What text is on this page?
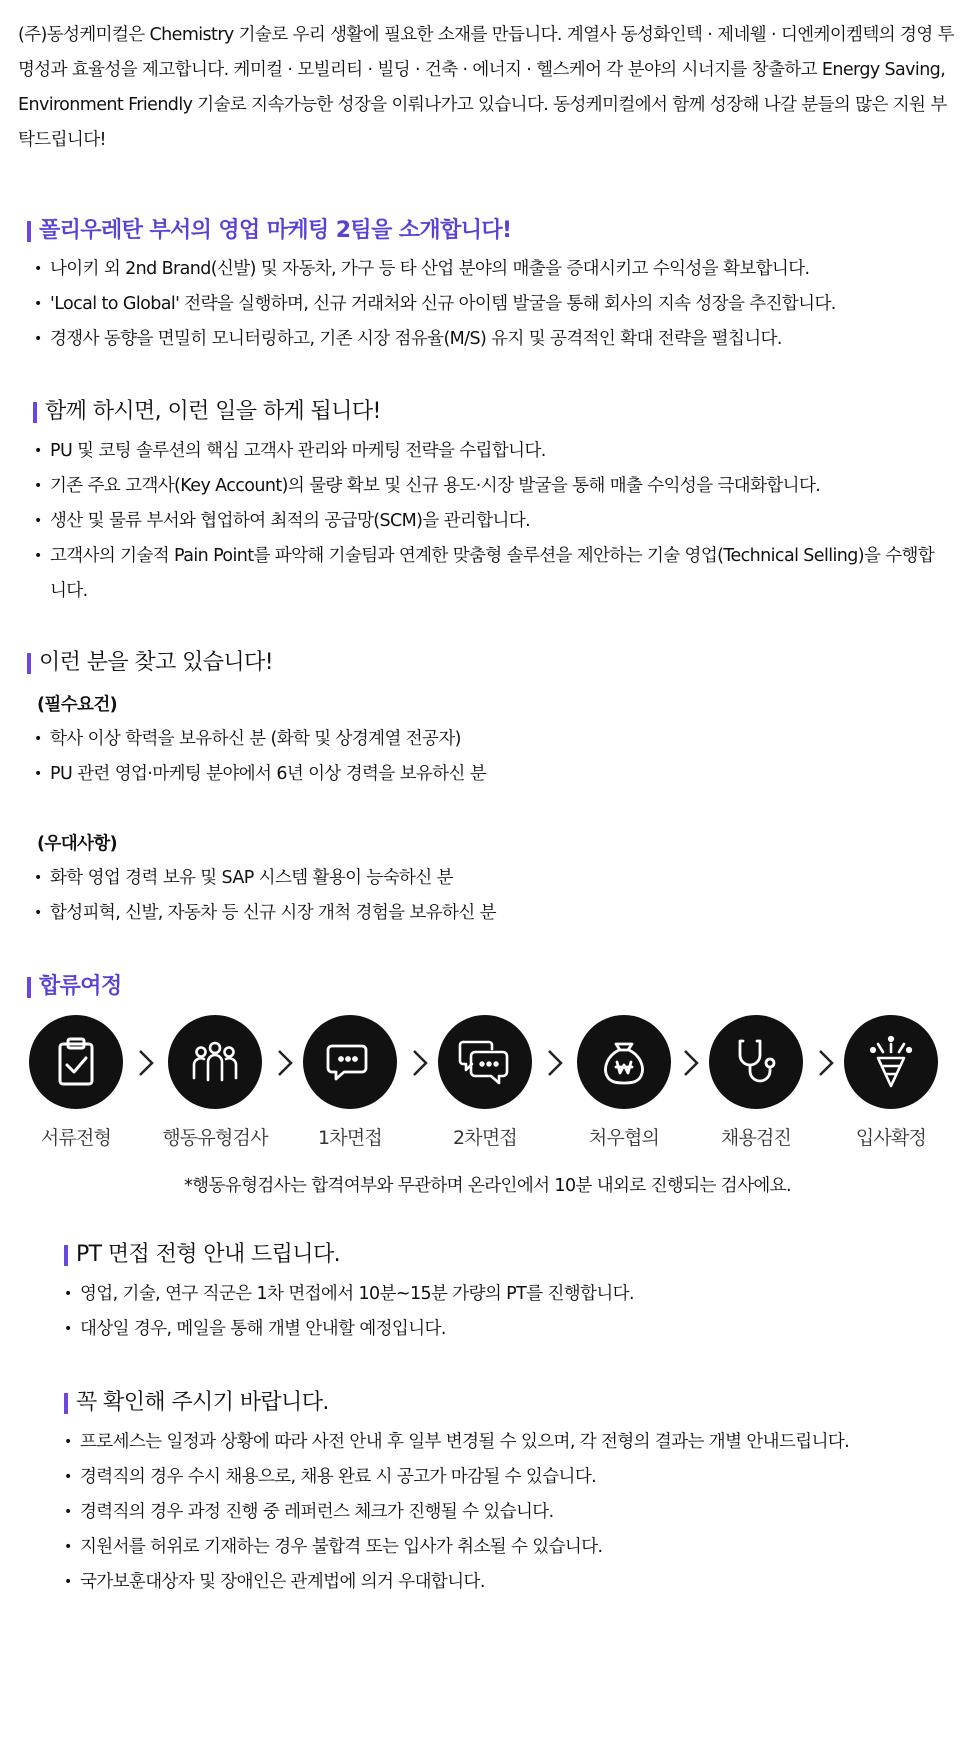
(주)동성케미컬은 Chemistry 기술로 우리 생활에 필요한 소재를 만듭니다. 계열사 동성화인텍 · 제네웰 · 디엔케이켐텍의 경영 투명성과 효율성을 제고합니다. 케미컬 · 모빌리티 · 빌딩 · 건축 · 에너지 · 헬스케어 각 분야의 시너지를 창출하고 Energy Saving, Environment Friendly 기술로 지속가능한 성장을 이뤄나가고 있습니다. 동성케미컬에서 함께 성장해 나갈 분들의 많은 지원 부탁드립니다!

폴리우레탄 부서의 영업 마케팅 2팀을 소개합니다!
• 나이키 외 2nd Brand(신발) 및 자동차, 가구 등 타 산업 분야의 매출을 증대시키고 수익성을 확보합니다.
• 'Local to Global' 전략을 실행하며, 신규 거래처와 신규 아이템 발굴을 통해 회사의 지속 성장을 추진합니다.
• 경쟁사 동향을 면밀히 모니터링하고, 기존 시장 점유율(M/S) 유지 및 공격적인 확대 전략을 펼칩니다.
함께 하시면, 이런 일을 하게 됩니다!
• PU 및 코팅 솔루션의 핵심 고객사 관리와 마케팅 전략을 수립합니다.
• 기존 주요 고객사(Key Account)의 물량 확보 및 신규 용도·시장 발굴을 통해 매출 수익성을 극대화합니다.
• 생산 및 물류 부서와 협업하여 최적의 공급망(SCM)을 관리합니다.
• 고객사의 기술적 Pain Point를 파악해 기술팀과 연계한 맞춤형 솔루션을 제안하는 기술 영업(Technical Selling)을 수행합니다.
이런 분을 찾고 있습니다!

(필수요건)

• 학사 이상 학력을 보유하신 분 (화학 및 상경계열 전공자)
• PU 관련 영업·마케팅 분야에서 6년 이상 경력을 보유하신 분

(우대사항)

• 화학 영업 경력 보유 및 SAP 시스템 활용이 능숙하신 분
• 합성피혁, 신발, 자동차 등 신규 시장 개척 경험을 보유하신 분
합류여정
서류전형	행동유형검사	1차면접	2차면접	처우협의	채용검진	입사확정

*행동유형검사는 합격여부와 무관하며 온라인에서 10분 내외로 진행되는 검사에요.

PT 면접 전형 안내 드립니다.
• 영업, 기술, 연구 직군은 1차 면접에서 10분~15분 가량의 PT를 진행합니다.
• 대상일 경우, 메일을 통해 개별 안내할 예정입니다.
꼭 확인해 주시기 바랍니다.
• 프로세스는 일정과 상황에 따라 사전 안내 후 일부 변경될 수 있으며, 각 전형의 결과는 개별 안내드립니다.
• 경력직의 경우 수시 채용으로, 채용 완료 시 공고가 마감될 수 있습니다.
• 경력직의 경우 과정 진행 중 레퍼런스 체크가 진행될 수 있습니다.
• 지원서를 허위로 기재하는 경우 불합격 또는 입사가 취소될 수 있습니다.
• 국가보훈대상자 및 장애인은 관계법에 의거 우대합니다.
